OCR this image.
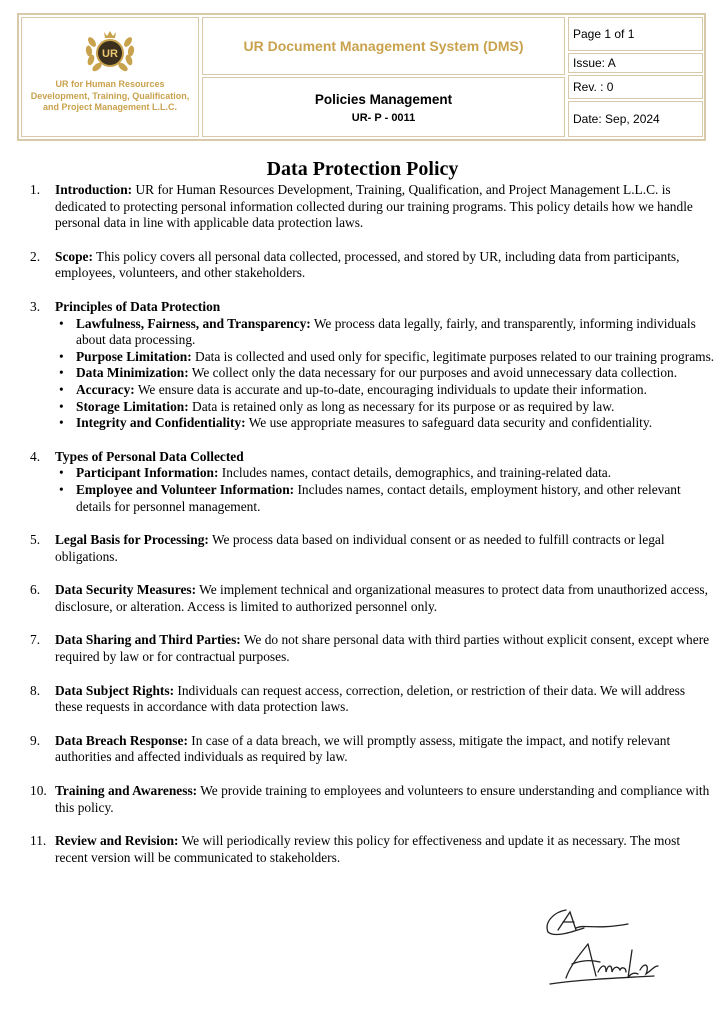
UR
UR for Human Resources Development, Training, Qualification, and Project Management L.L.C.
UR Document Management System (DMS)
Policies Management
UR- P - 0011
Page 1 of 1
Issue: A
Rev. : 0
Date: Sep, 2024
Data Protection Policy
1. Introduction: UR for Human Resources Development, Training, Qualification, and Project Management L.L.C. is dedicated to protecting personal information collected during our training programs. This policy details how we handle personal data in line with applicable data protection laws.

2. Scope: This policy covers all personal data collected, processed, and stored by UR, including data from participants, employees, volunteers, and other stakeholders.

3. Principles of Data Protection

• Lawfulness, Fairness, and Transparency: We process data legally, fairly, and transparently, informing individuals about data processing.
• Purpose Limitation: Data is collected and used only for specific, legitimate purposes related to our training programs.
• Data Minimization: We collect only the data necessary for our purposes and avoid unnecessary data collection.
• Accuracy: We ensure data is accurate and up-to-date, encouraging individuals to update their information.
• Storage Limitation: Data is retained only as long as necessary for its purpose or as required by law.
• Integrity and Confidentiality: We use appropriate measures to safeguard data security and confidentiality.
4. Types of Personal Data Collected

• Participant Information: Includes names, contact details, demographics, and training-related data.
• Employee and Volunteer Information: Includes names, contact details, employment history, and other relevant details for personnel management.
5. Legal Basis for Processing: We process data based on individual consent or as needed to fulfill contracts or legal obligations.

6. Data Security Measures: We implement technical and organizational measures to protect data from unauthorized access, disclosure, or alteration. Access is limited to authorized personnel only.

7. Data Sharing and Third Parties: We do not share personal data with third parties without explicit consent, except where required by law or for contractual purposes.

8. Data Subject Rights: Individuals can request access, correction, deletion, or restriction of their data. We will address these requests in accordance with data protection laws.

9. Data Breach Response: In case of a data breach, we will promptly assess, mitigate the impact, and notify relevant authorities and affected individuals as required by law.

10. Training and Awareness: We provide training to employees and volunteers to ensure understanding and compliance with this policy.

11. Review and Revision: We will periodically review this policy for effectiveness and update it as necessary. The most recent version will be communicated to stakeholders.
